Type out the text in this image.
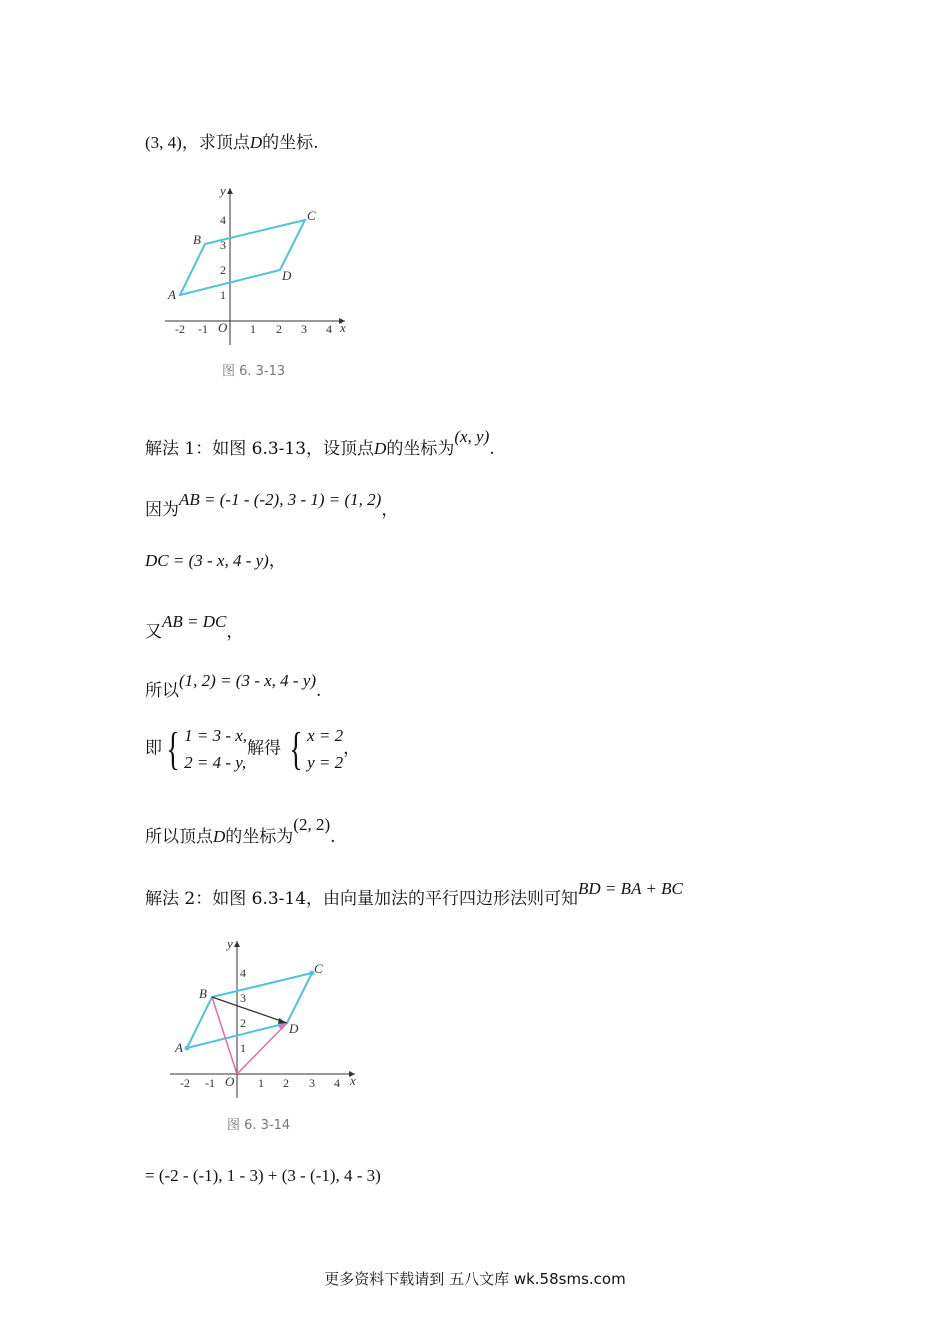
(3, 4)，求顶点D的坐标.
x
y
O
-2 -1	1 2 3 4
1
2
3
4
A
B
C
D
图 6. 3-13
解法 1：如图 6.3-13，设顶点D的坐标为(x, y).
因为AB = (-1 - (-2), 3 - 1) = (1, 2)，
DC = (3 - x, 4 - y)，
又AB = DC，
所以(1, 2) = (3 - x, 4 - y).
即{ 1 = 3 - x,
2 = 4 - y,解得 { x = 2
y = 2，
所以顶点D的坐标为(2, 2).
解法 2：如图 6.3-14，由向量加法的平行四边形法则可知BD = BA + BC
x
y
O
-2 -1	1 2 3 4
1
2
3
4
A
B
C
D
图 6. 3-14
= (-2 - (-1), 1 - 3) + (3 - (-1), 4 - 3)
更多资料下载请到 五八文库 wk.58sms.com
